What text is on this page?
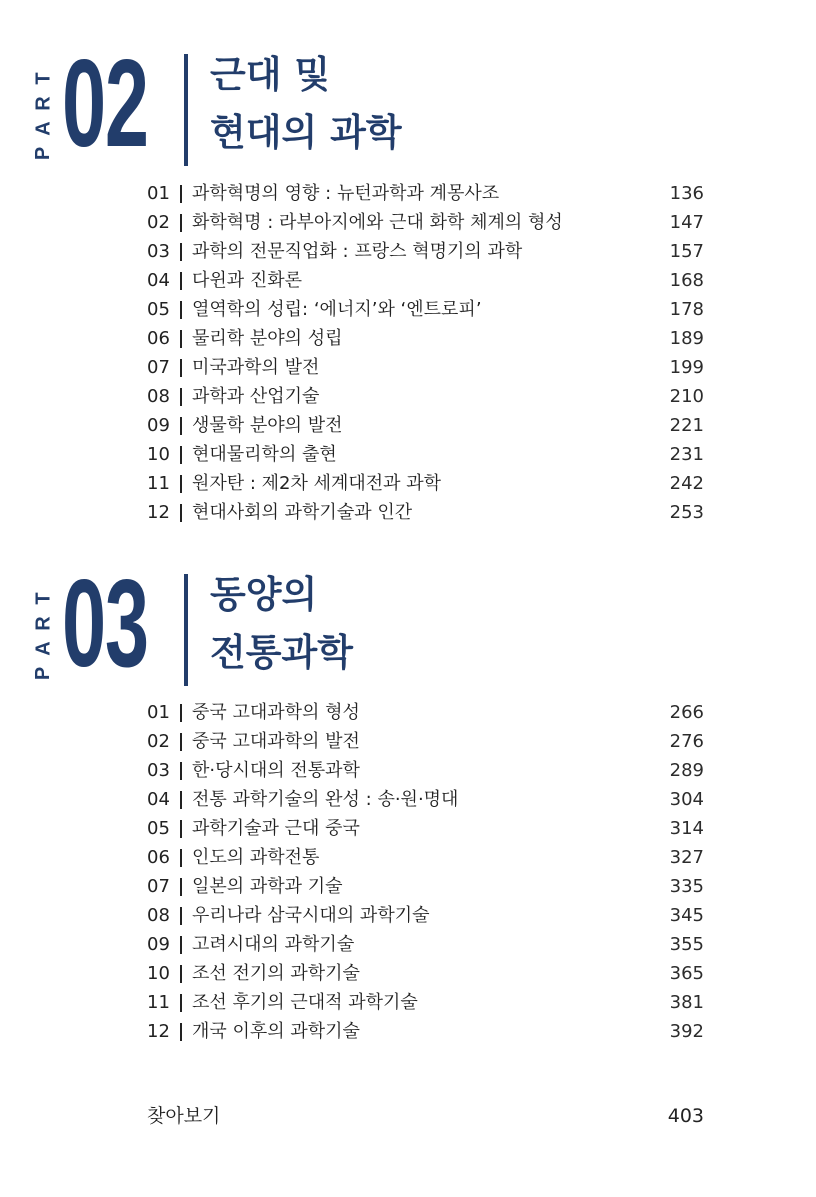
T
R
A
P 02 근대 및
현대의 과학
01	과학혁명의 영향 : 뉴턴과학과 계몽사조	136
02	화학혁명 : 라부아지에와 근대 화학 체계의 형성	147
03	과학의 전문직업화 : 프랑스 혁명기의 과학	157
04	다윈과 진화론	168
05	열역학의 성립: ‘에너지’와 ‘엔트로피’	178
06	물리학 분야의 성립	189
07	미국과학의 발전	199
08	과학과 산업기술	210
09	생물학 분야의 발전	221
10	현대물리학의 출현	231
11	원자탄 : 제2차 세계대전과 과학	242
12	현대사회의 과학기술과 인간	253
T
R
A
P 03 동양의
전통과학
01	중국 고대과학의 형성	266
02	중국 고대과학의 발전	276
03	한·당시대의 전통과학	289
04	전통 과학기술의 완성 : 송·원·명대	304
05	과학기술과 근대 중국	314
06	인도의 과학전통	327
07	일본의 과학과 기술	335
08	우리나라 삼국시대의 과학기술	345
09	고려시대의 과학기술	355
10	조선 전기의 과학기술	365
11	조선 후기의 근대적 과학기술	381
12	개국 이후의 과학기술	392
찾아보기	403
